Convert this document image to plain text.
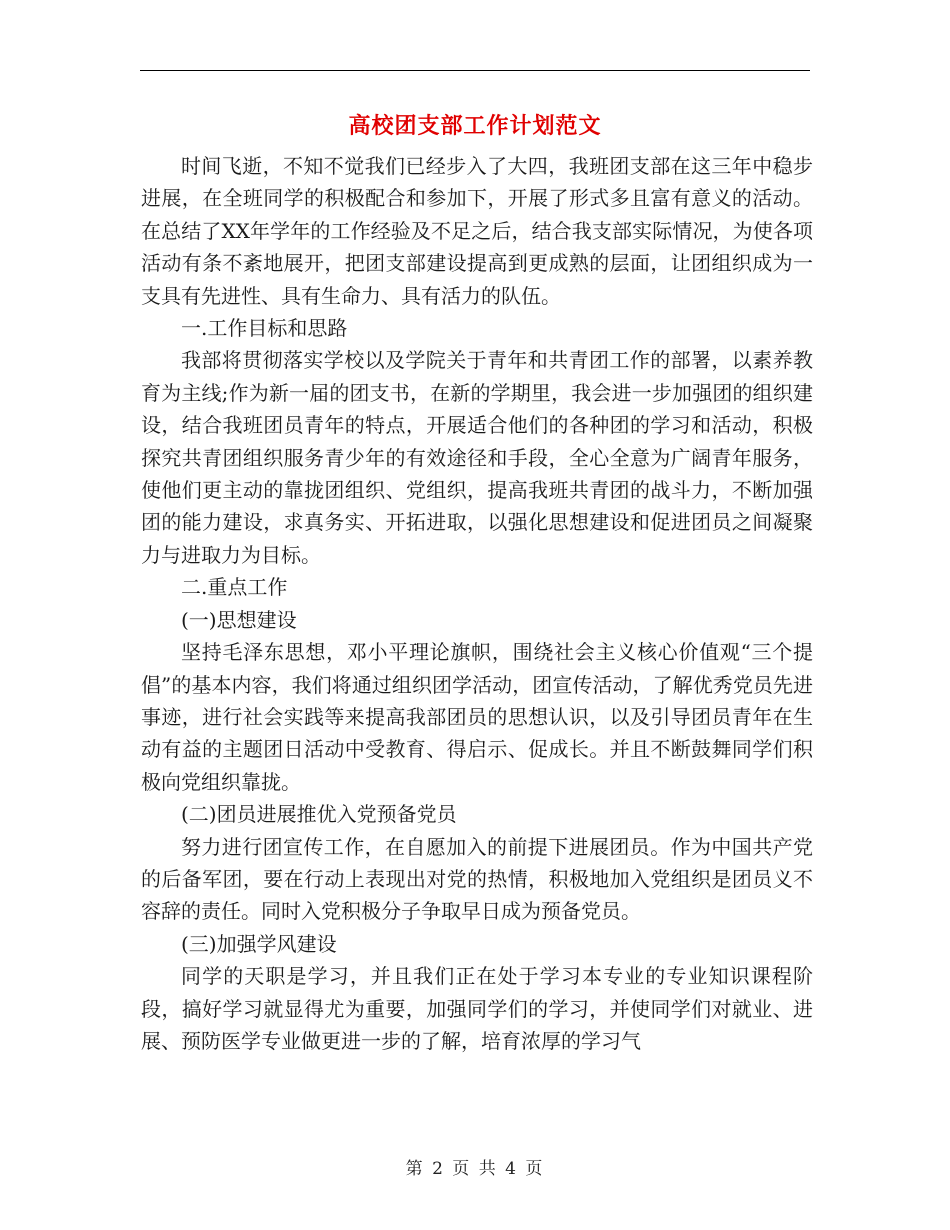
高校团支部工作计划范文

时间飞逝，不知不觉我们已经步入了大四，我班团支部在这三年中稳步进展，在全班同学的积极配合和参加下，开展了形式多且富有意义的活动。在总结了XX年学年的工作经验及不足之后，结合我支部实际情况，为使各项活动有条不紊地展开，把团支部建设提高到更成熟的层面，让团组织成为一支具有先进性、具有生命力、具有活力的队伍。

一.工作目标和思路

我部将贯彻落实学校以及学院关于青年和共青团工作的部署，以素养教育为主线;作为新一届的团支书，在新的学期里，我会进一步加强团的组织建设，结合我班团员青年的特点，开展适合他们的各种团的学习和活动，积极探究共青团组织服务青少年的有效途径和手段，全心全意为广阔青年服务，使他们更主动的靠拢团组织、党组织，提高我班共青团的战斗力，不断加强团的能力建设，求真务实、开拓进取，以强化思想建设和促进团员之间凝聚力与进取力为目标。

二.重点工作

(一)思想建设

坚持毛泽东思想，邓小平理论旗帜，围绕社会主义核心价值观“三个提倡”的基本内容，我们将通过组织团学活动，团宣传活动，了解优秀党员先进事迹，进行社会实践等来提高我部团员的思想认识，以及引导团员青年在生动有益的主题团日活动中受教育、得启示、促成长。并且不断鼓舞同学们积极向党组织靠拢。

(二)团员进展推优入党预备党员

努力进行团宣传工作，在自愿加入的前提下进展团员。作为中国共产党的后备军团，要在行动上表现出对党的热情，积极地加入党组织是团员义不容辞的责任。同时入党积极分子争取早日成为预备党员。

(三)加强学风建设

同学的天职是学习，并且我们正在处于学习本专业的专业知识课程阶段，搞好学习就显得尤为重要，加强同学们的学习，并使同学们对就业、进展、预防医学专业做更进一步的了解，培育浓厚的学习气

第 2 页 共 4 页
